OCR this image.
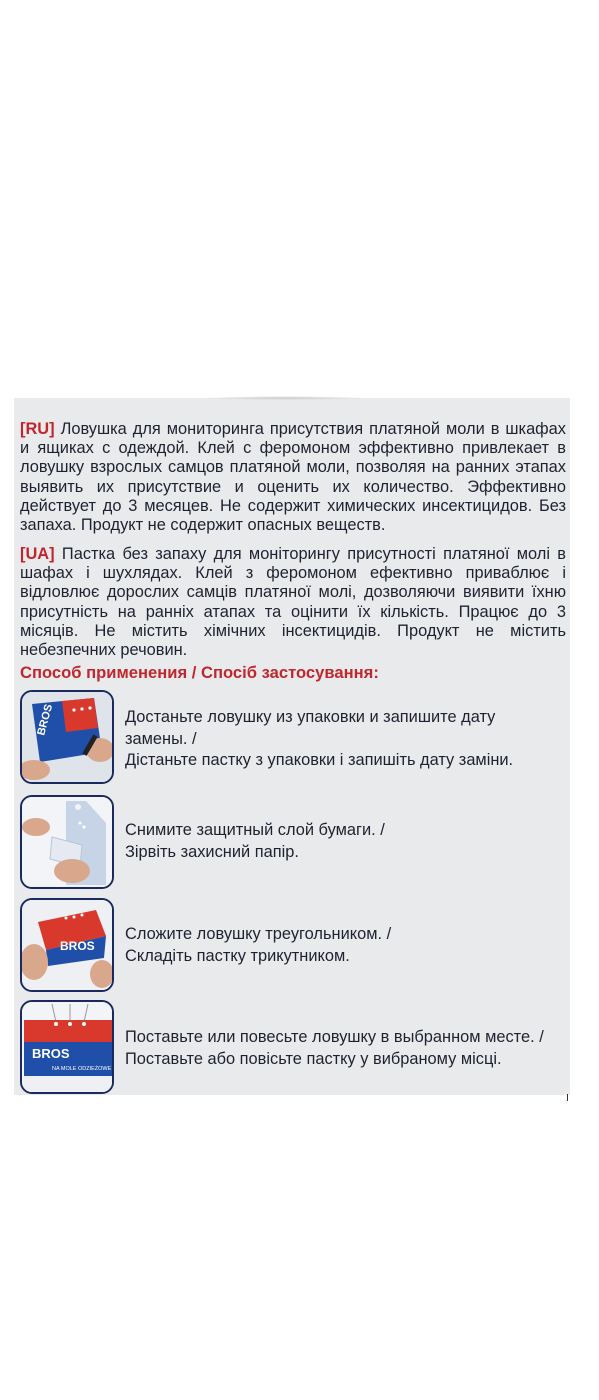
[RU] Ловушка для мониторинга присутствия платяной моли в шкафах и ящиках с одеждой. Клей с феромоном эффективно привлекает в ловушку взрослых самцов платяной моли, позволяя на ранних этапах выявить их присутствие и оценить их количество. Эффективно действует до 3 месяцев. Не содержит химических инсектицидов. Без запаха. Продукт не содержит опасных веществ.

[UA] Пастка без запаху для моніторингу присутності платяної молі в шафах і шухлядах. Клей з феромоном ефективно приваблює і відловлює дорослих самців платяної молі, дозволяючи виявити їхню присутність на ранніх атапах та оцінити їх кількість. Працює до 3 місяців. Не містить хімічних інсектицидів. Продукт не містить небезпечних речовин.

Способ применения / Спосіб застосування:

BROS	Достаньте ловушку из упаковки и запишите дату
замены. /
Дістаньте пастку з упаковки і запишіть дату заміни.
Снимите защитный слой бумаги. /
Зірвіть захисний папір.
BROS
Сложите ловушку треугольником. /
Складіть пастку трикутником.
BROS
NA MOLE ODZIEŻOWE
Поставьте или повесьте ловушку в выбранном месте. /
Поставьте або повісьте пастку у вибраному місці.
